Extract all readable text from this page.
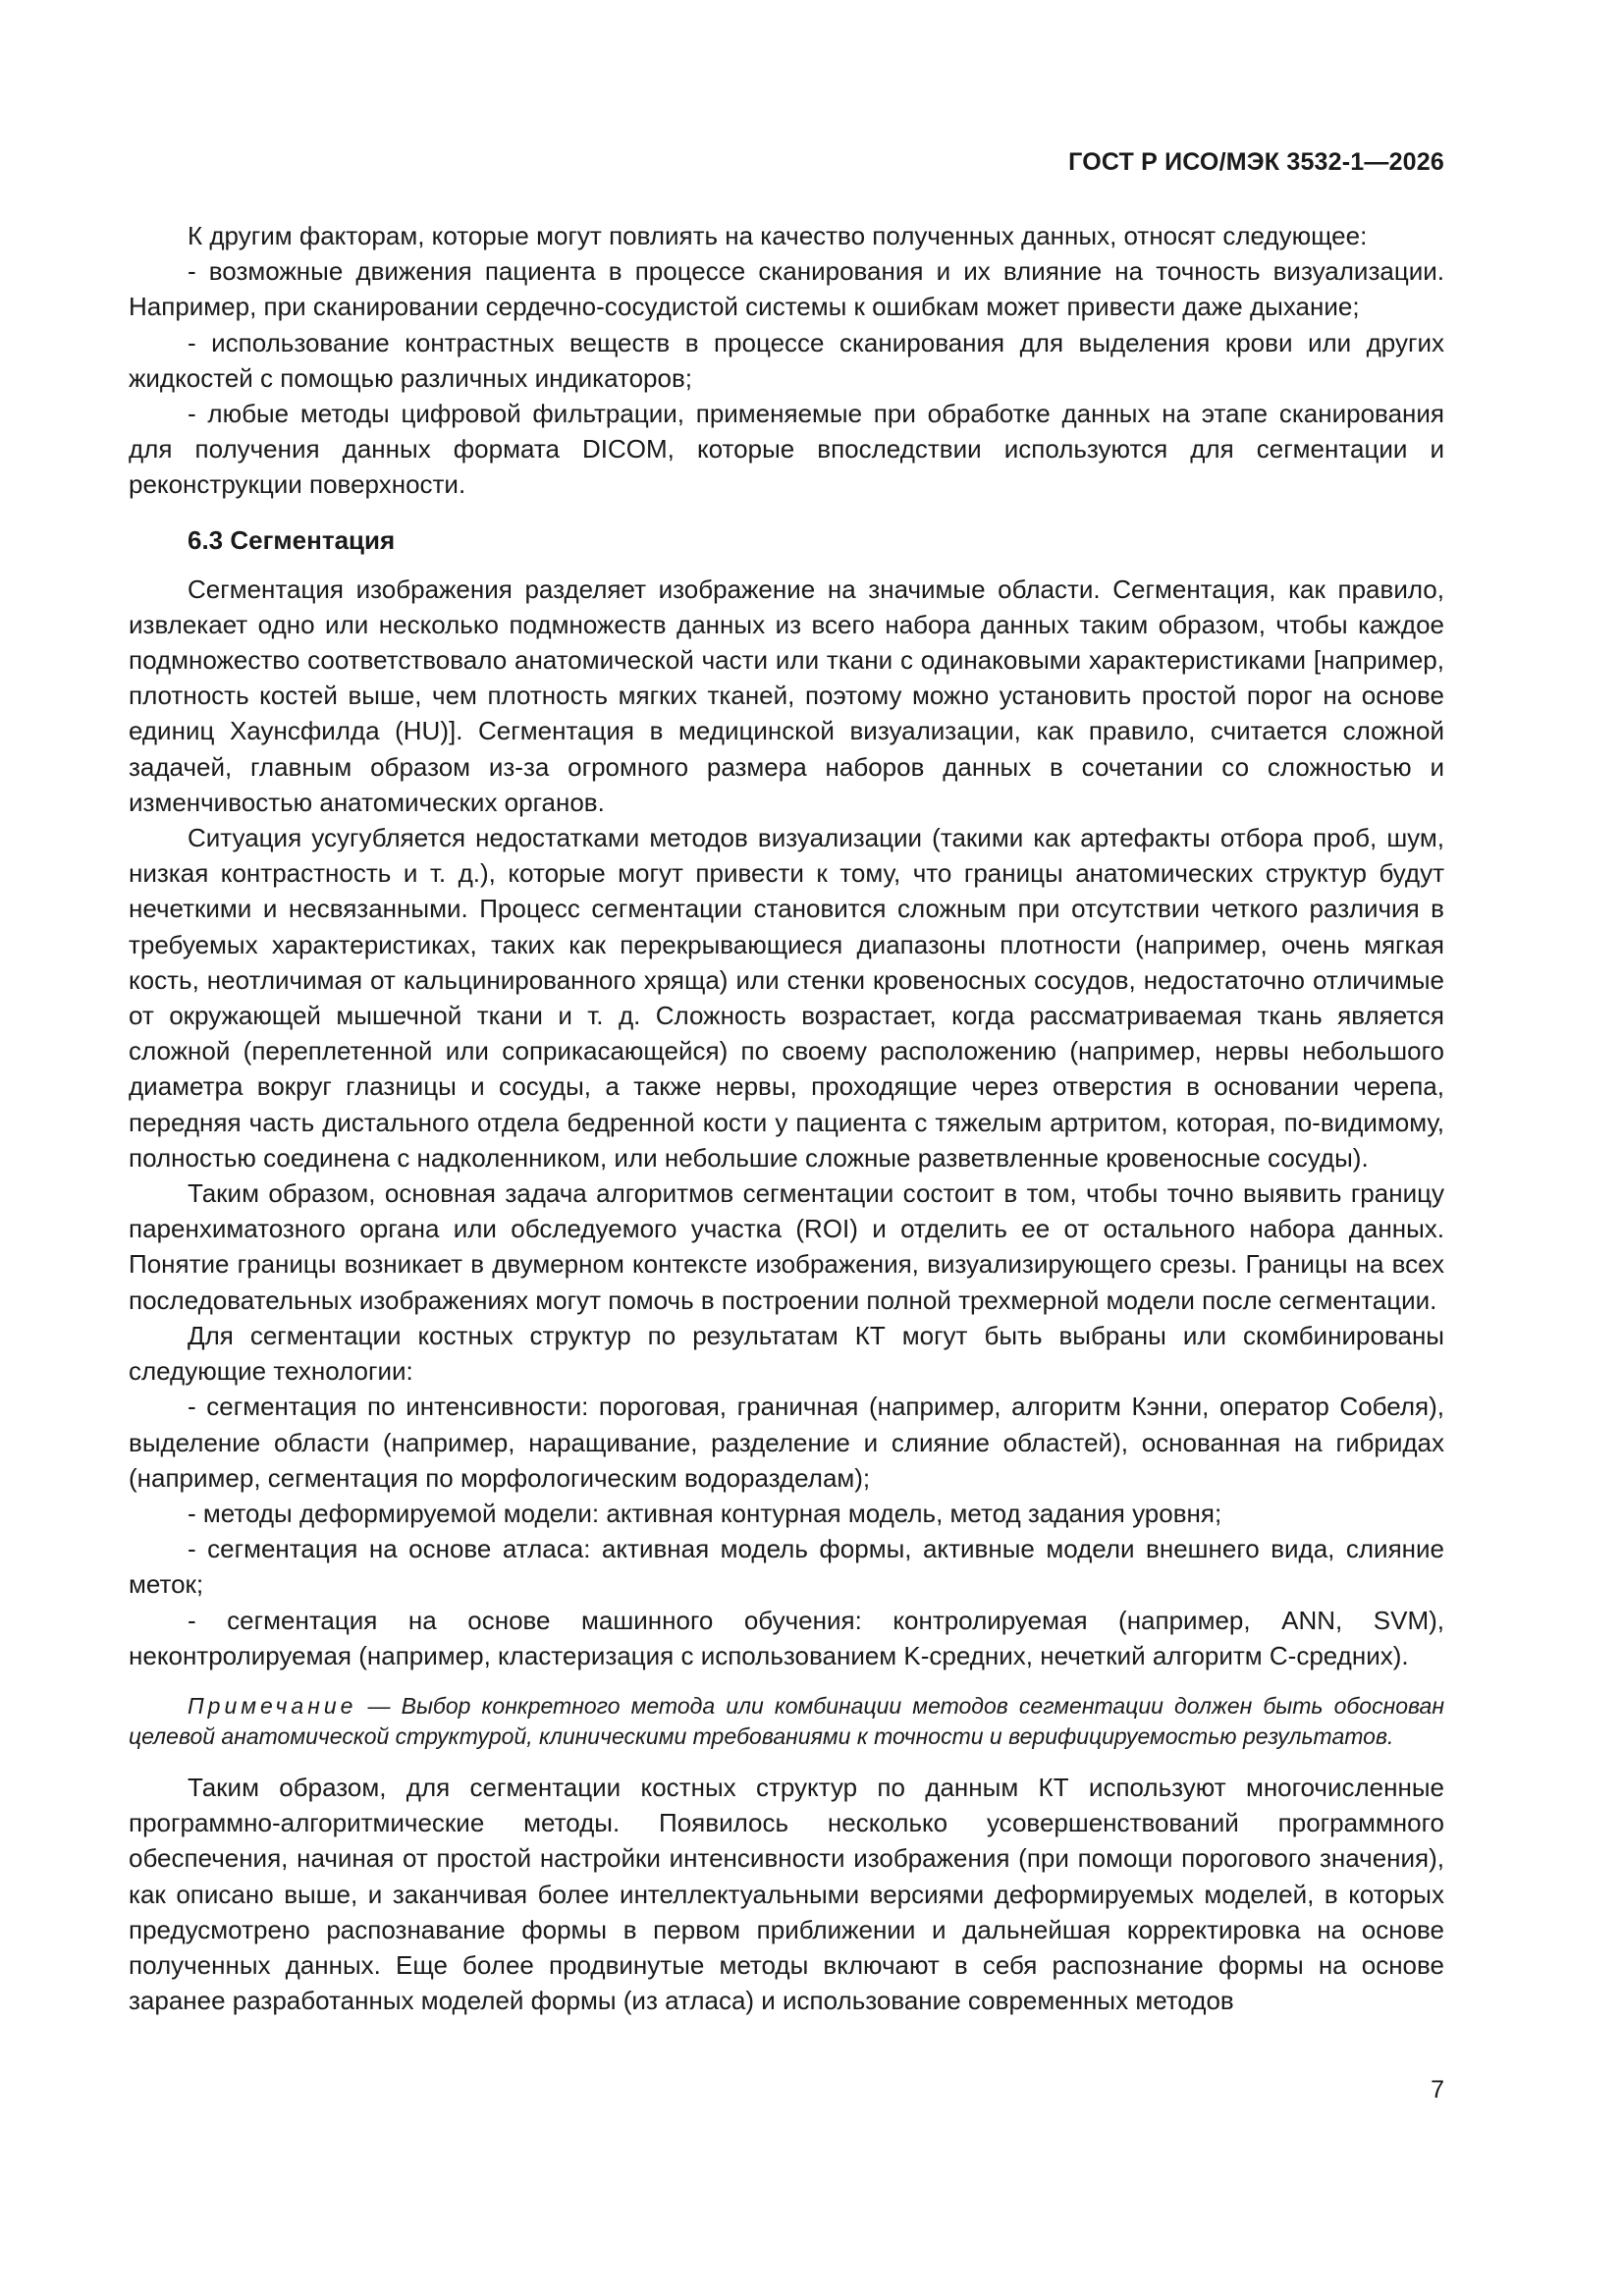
ГОСТ Р ИСО/МЭК 3532-1—2026

К другим факторам, которые могут повлиять на качество полученных данных, относят следующее:

- возможные движения пациента в процессе сканирования и их влияние на точность визуализации. Например, при сканировании сердечно-сосудистой системы к ошибкам может привести даже дыхание;

- использование контрастных веществ в процессе сканирования для выделения крови или других жидкостей с помощью различных индикаторов;

- любые методы цифровой фильтрации, применяемые при обработке данных на этапе сканирования для получения данных формата DICOM, которые впоследствии используются для сегментации и реконструкции поверхности.

6.3 Сегментация

Сегментация изображения разделяет изображение на значимые области. Сегментация, как правило, извлекает одно или несколько подмножеств данных из всего набора данных таким образом, чтобы каждое подмножество соответствовало анатомической части или ткани с одинаковыми характеристиками [например, плотность костей выше, чем плотность мягких тканей, поэтому можно установить простой порог на основе единиц Хаунсфилда (HU)]. Сегментация в медицинской визуализации, как правило, считается сложной задачей, главным образом из-за огромного размера наборов данных в сочетании со сложностью и изменчивостью анатомических органов.

Ситуация усугубляется недостатками методов визуализации (такими как артефакты отбора проб, шум, низкая контрастность и т. д.), которые могут привести к тому, что границы анатомических структур будут нечеткими и несвязанными. Процесс сегментации становится сложным при отсутствии четкого различия в требуемых характеристиках, таких как перекрывающиеся диапазоны плотности (например, очень мягкая кость, неотличимая от кальцинированного хряща) или стенки кровеносных сосудов, недостаточно отличимые от окружающей мышечной ткани и т. д. Сложность возрастает, когда рассматриваемая ткань является сложной (переплетенной или соприкасающейся) по своему расположению (например, нервы небольшого диаметра вокруг глазницы и сосуды, а также нервы, проходящие через отверстия в основании черепа, передняя часть дистального отдела бедренной кости у пациента с тяжелым артритом, которая, по-видимому, полностью соединена с надколенником, или небольшие сложные разветвленные кровеносные сосуды).

Таким образом, основная задача алгоритмов сегментации состоит в том, чтобы точно выявить границу паренхиматозного органа или обследуемого участка (ROI) и отделить ее от остального набора данных. Понятие границы возникает в двумерном контексте изображения, визуализирующего срезы. Границы на всех последовательных изображениях могут помочь в построении полной трехмерной модели после сегментации.

Для сегментации костных структур по результатам КТ могут быть выбраны или скомбинированы следующие технологии:

- сегментация по интенсивности: пороговая, граничная (например, алгоритм Кэнни, оператор Собеля), выделение области (например, наращивание, разделение и слияние областей), основанная на гибридах (например, сегментация по морфологическим водоразделам);

- методы деформируемой модели: активная контурная модель, метод задания уровня;

- сегментация на основе атласа: активная модель формы, активные модели внешнего вида, слияние меток;

- сегментация на основе машинного обучения: контролируемая (например, ANN, SVM), неконтролируемая (например, кластеризация с использованием K-средних, нечеткий алгоритм C-средних).

Примечание — Выбор конкретного метода или комбинации методов сегментации должен быть обоснован целевой анатомической структурой, клиническими требованиями к точности и верифицируемостью результатов.

Таким образом, для сегментации костных структур по данным КТ используют многочисленные программно-алгоритмические методы. Появилось несколько усовершенствований программного обеспечения, начиная от простой настройки интенсивности изображения (при помощи порогового значения), как описано выше, и заканчивая более интеллектуальными версиями деформируемых моделей, в которых предусмотрено распознавание формы в первом приближении и дальнейшая корректировка на основе полученных данных. Еще более продвинутые методы включают в себя распознание формы на основе заранее разработанных моделей формы (из атласа) и использование современных методов

7
